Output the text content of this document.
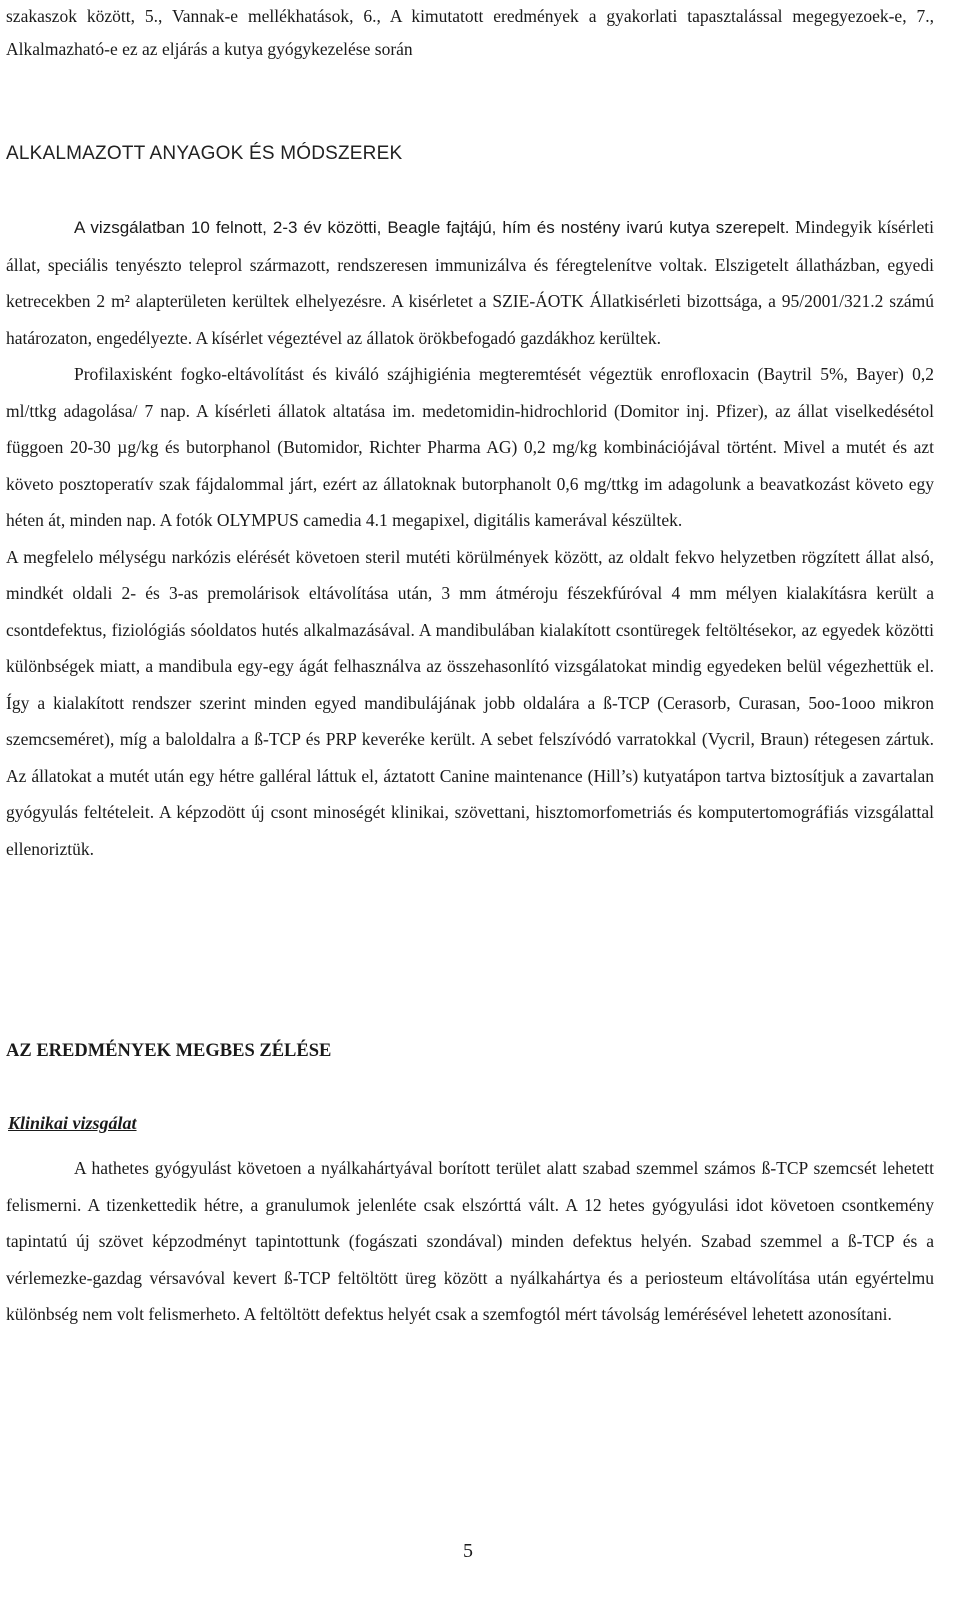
szakaszok között, 5., Vannak-e mellékhatások, 6., A kimutatott eredmények a gyakorlati tapasztalással megegyezoek-e, 7., Alkalmazható-e ez az eljárás a kutya gyógykezelése során

ALKALMAZOTT ANYAGOK ÉS MÓDSZEREK

A vizsgálatban 10 felnott, 2-3 év közötti, Beagle fajtájú, hím és nostény ivarú kutya szerepelt. Mindegyik kísérleti állat, speciális tenyészto teleprol származott, rendszeresen immunizálva és féregtelenítve voltak. Elszigetelt állatházban, egyedi ketrecekben 2 m² alapterületen kerültek elhelyezésre. A kisérletet a SZIE-ÁOTK Állatkisérleti bizottsága, a 95/2001/321.2 számú határozaton, engedélyezte. A kísérlet végeztével az állatok örökbefogadó gazdákhoz kerültek.

Profilaxisként fogko-eltávolítást és kiváló szájhigiénia megteremtését végeztük enrofloxacin (Baytril 5%, Bayer) 0,2 ml/ttkg adagolása/ 7 nap. A kísérleti állatok altatása im. medetomidin-hidrochlorid (Domitor inj. Pfizer), az állat viselkedésétol függoen 20-30 µg/kg és butorphanol (Butomidor, Richter Pharma AG) 0,2 mg/kg kombinációjával történt. Mivel a mutét és azt követo posztoperatív szak fájdalommal járt, ezért az állatoknak butorphanolt 0,6 mg/ttkg im adagolunk a beavatkozást követo egy héten át, minden nap. A fotók OLYMPUS camedia 4.1 megapixel, digitális kamerával készültek.

A megfelelo mélységu narkózis elérését követoen steril mutéti körülmények között, az oldalt fekvo helyzetben rögzített állat alsó, mindkét oldali 2- és 3-as premolárisok eltávolítása után, 3 mm átméroju fészekfúróval 4 mm mélyen kialakításra került a csontdefektus, fiziológiás sóoldatos hutés alkalmazásával. A mandibulában kialakított csontüregek feltöltésekor, az egyedek közötti különbségek miatt, a mandibula egy-egy ágát felhasználva az összehasonlító vizsgálatokat mindig egyedeken belül végezhettük el. Így a kialakított rendszer szerint minden egyed mandibulájának jobb oldalára a ß-TCP (Cerasorb, Curasan, 5oo-1ooo mikron szemcseméret), míg a baloldalra a ß-TCP és PRP keveréke került. A sebet felszívódó varratokkal (Vycril, Braun) rétegesen zártuk. Az állatokat a mutét után egy hétre galléral láttuk el, áztatott Canine maintenance (Hill’s) kutyatápon tartva biztosítjuk a zavartalan gyógyulás feltételeit. A képzodött új csont minoségét klinikai, szövettani, hisztomorfometriás és komputertomográfiás vizsgálattal ellenoriztük.

AZ EREDMÉNYEK MEGBES ZÉLÉSE
Klinikai vizsgálat

A hathetes gyógyulást követoen a nyálkahártyával borított terület alatt szabad szemmel számos ß-TCP szemcsét lehetett felismerni. A tizenkettedik hétre, a granulumok jelenléte csak elszórttá vált. A 12 hetes gyógyulási idot követoen csontkemény tapintatú új szövet képzodményt tapintottunk (fogászati szondával) minden defektus helyén. Szabad szemmel a ß-TCP és a vérlemezke-gazdag vérsavóval kevert ß-TCP feltöltött üreg között a nyálkahártya és a periosteum eltávolítása után egyértelmu különbség nem volt felismerheto. A feltöltött defektus helyét csak a szemfogtól mért távolság lemérésével lehetett azonosítani.

5
